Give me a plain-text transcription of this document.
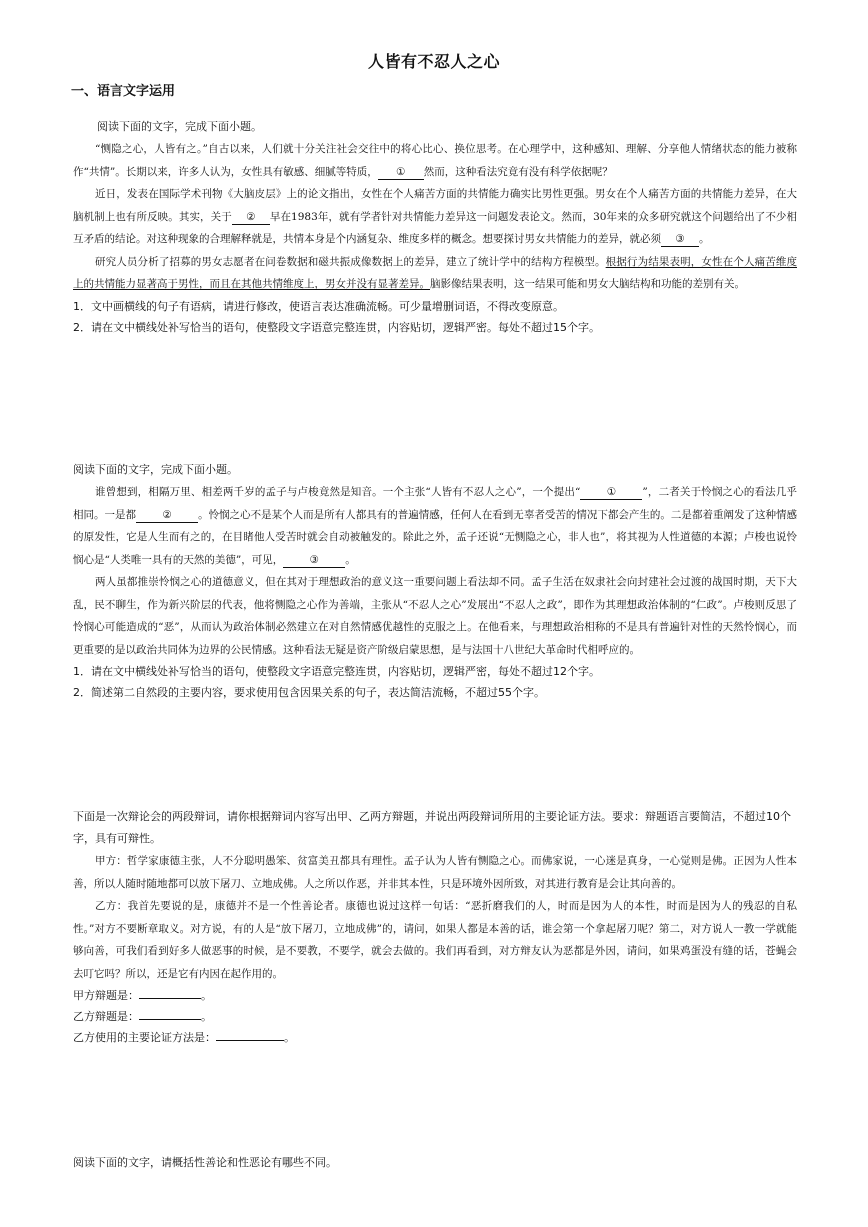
人皆有不忍人之心
一、语言文字运用

阅读下面的文字，完成下面小题。

“恻隐之心，人皆有之。”自古以来，人们就十分关注社会交往中的将心比心、换位思考。在心理学中，这种感知、理解、分享他人情绪状态的能力被称作“共情”。长期以来，许多人认为，女性具有敏感、细腻等特质， ① 然而，这种看法究竟有没有科学依据呢？

近日，发表在国际学术刊物《大脑皮层》上的论文指出，女性在个人痛苦方面的共情能力确实比男性更强。男女在个人痛苦方面的共情能力差异，在大脑机制上也有所反映。其实，关于 ② 早在1983年，就有学者针对共情能力差异这一问题发表论文。然而，30年来的众多研究就这个问题给出了不少相互矛盾的结论。对这种现象的合理解释就是，共情本身是个内涵复杂、维度多样的概念。想要探讨男女共情能力的差异，就必须 ③ 。

研究人员分析了招募的男女志愿者在问卷数据和磁共振成像数据上的差异，建立了统计学中的结构方程模型。根据行为结果表明，女性在个人痛苦维度上的共情能力显著高于男性，而且在其他共情维度上，男女并没有显著差异。脑影像结果表明，这一结果可能和男女大脑结构和功能的差别有关。

1．文中画横线的句子有语病，请进行修改，使语言表达准确流畅。可少量增删词语，不得改变原意。

2．请在文中横线处补写恰当的语句，使整段文字语意完整连贯，内容贴切，逻辑严密。每处不超过15个字。

阅读下面的文字，完成下面小题。

谁曾想到，相隔万里、相差两千岁的孟子与卢梭竟然是知音。一个主张“人皆有不忍人之心”，一个提出“	①	”，二者关于怜悯之心的看法几乎相同。一是都	②	。怜悯之心不是某个人而是所有人都具有的普遍情感，任何人在看到无辜者受苦的情况下都会产生的。二是都着重阐发了这种情感的原发性，它是人生而有之的，在目睹他人受苦时就会自动被触发的。除此之外，孟子还说“无恻隐之心，非人也”，将其视为人性道德的本源；卢梭也说怜悯心是“人类唯一具有的天然的美德”，可见，	③	。

两人虽都推崇怜悯之心的道德意义，但在其对于理想政治的意义这一重要问题上看法却不同。孟子生活在奴隶社会向封建社会过渡的战国时期，天下大乱，民不聊生，作为新兴阶层的代表，他将恻隐之心作为善端，主张从“不忍人之心”发展出“不忍人之政”，即作为其理想政治体制的“仁政”。卢梭则反思了怜悯心可能造成的“恶”，从而认为政治体制必然建立在对自然情感优越性的克服之上。在他看来，与理想政治相称的不是具有普遍针对性的天然怜悯心，而更重要的是以政治共同体为边界的公民情感。这种看法无疑是资产阶级启蒙思想，是与法国十八世纪大革命时代相呼应的。

1．请在文中横线处补写恰当的语句，使整段文字语意完整连贯，内容贴切，逻辑严密，每处不超过12个字。

2．简述第二自然段的主要内容，要求使用包含因果关系的句子，表达简洁流畅，不超过55个字。

下面是一次辩论会的两段辩词，请你根据辩词内容写出甲、乙两方辩题，并说出两段辩词所用的主要论证方法。要求：辩题语言要简洁，不超过10个字，具有可辩性。

甲方：哲学家康德主张，人不分聪明愚笨、贫富美丑都具有理性。孟子认为人皆有恻隐之心。而佛家说，一心迷是真身，一心觉则是佛。正因为人性本善，所以人随时随地都可以放下屠刀、立地成佛。人之所以作恶，并非其本性，只是环境外因所致，对其进行教育是会让其向善的。

乙方：我首先要说的是，康德并不是一个性善论者。康德也说过这样一句话：“恶折磨我们的人，时而是因为人的本性，时而是因为人的残忍的自私性。”对方不要断章取义。对方说，有的人是“放下屠刀，立地成佛”的，请问，如果人都是本善的话，谁会第一个拿起屠刀呢？第二，对方说人一教一学就能够向善，可我们看到好多人做恶事的时候，是不要教，不要学，就会去做的。我们再看到，对方辩友认为恶都是外因，请问，如果鸡蛋没有缝的话，苍蝇会去叮它吗？所以，还是它有内因在起作用的。

甲方辩题是：	。

乙方辩题是：	。

乙方使用的主要论证方法是：	。

阅读下面的文字，请概括性善论和性恶论有哪些不同。
